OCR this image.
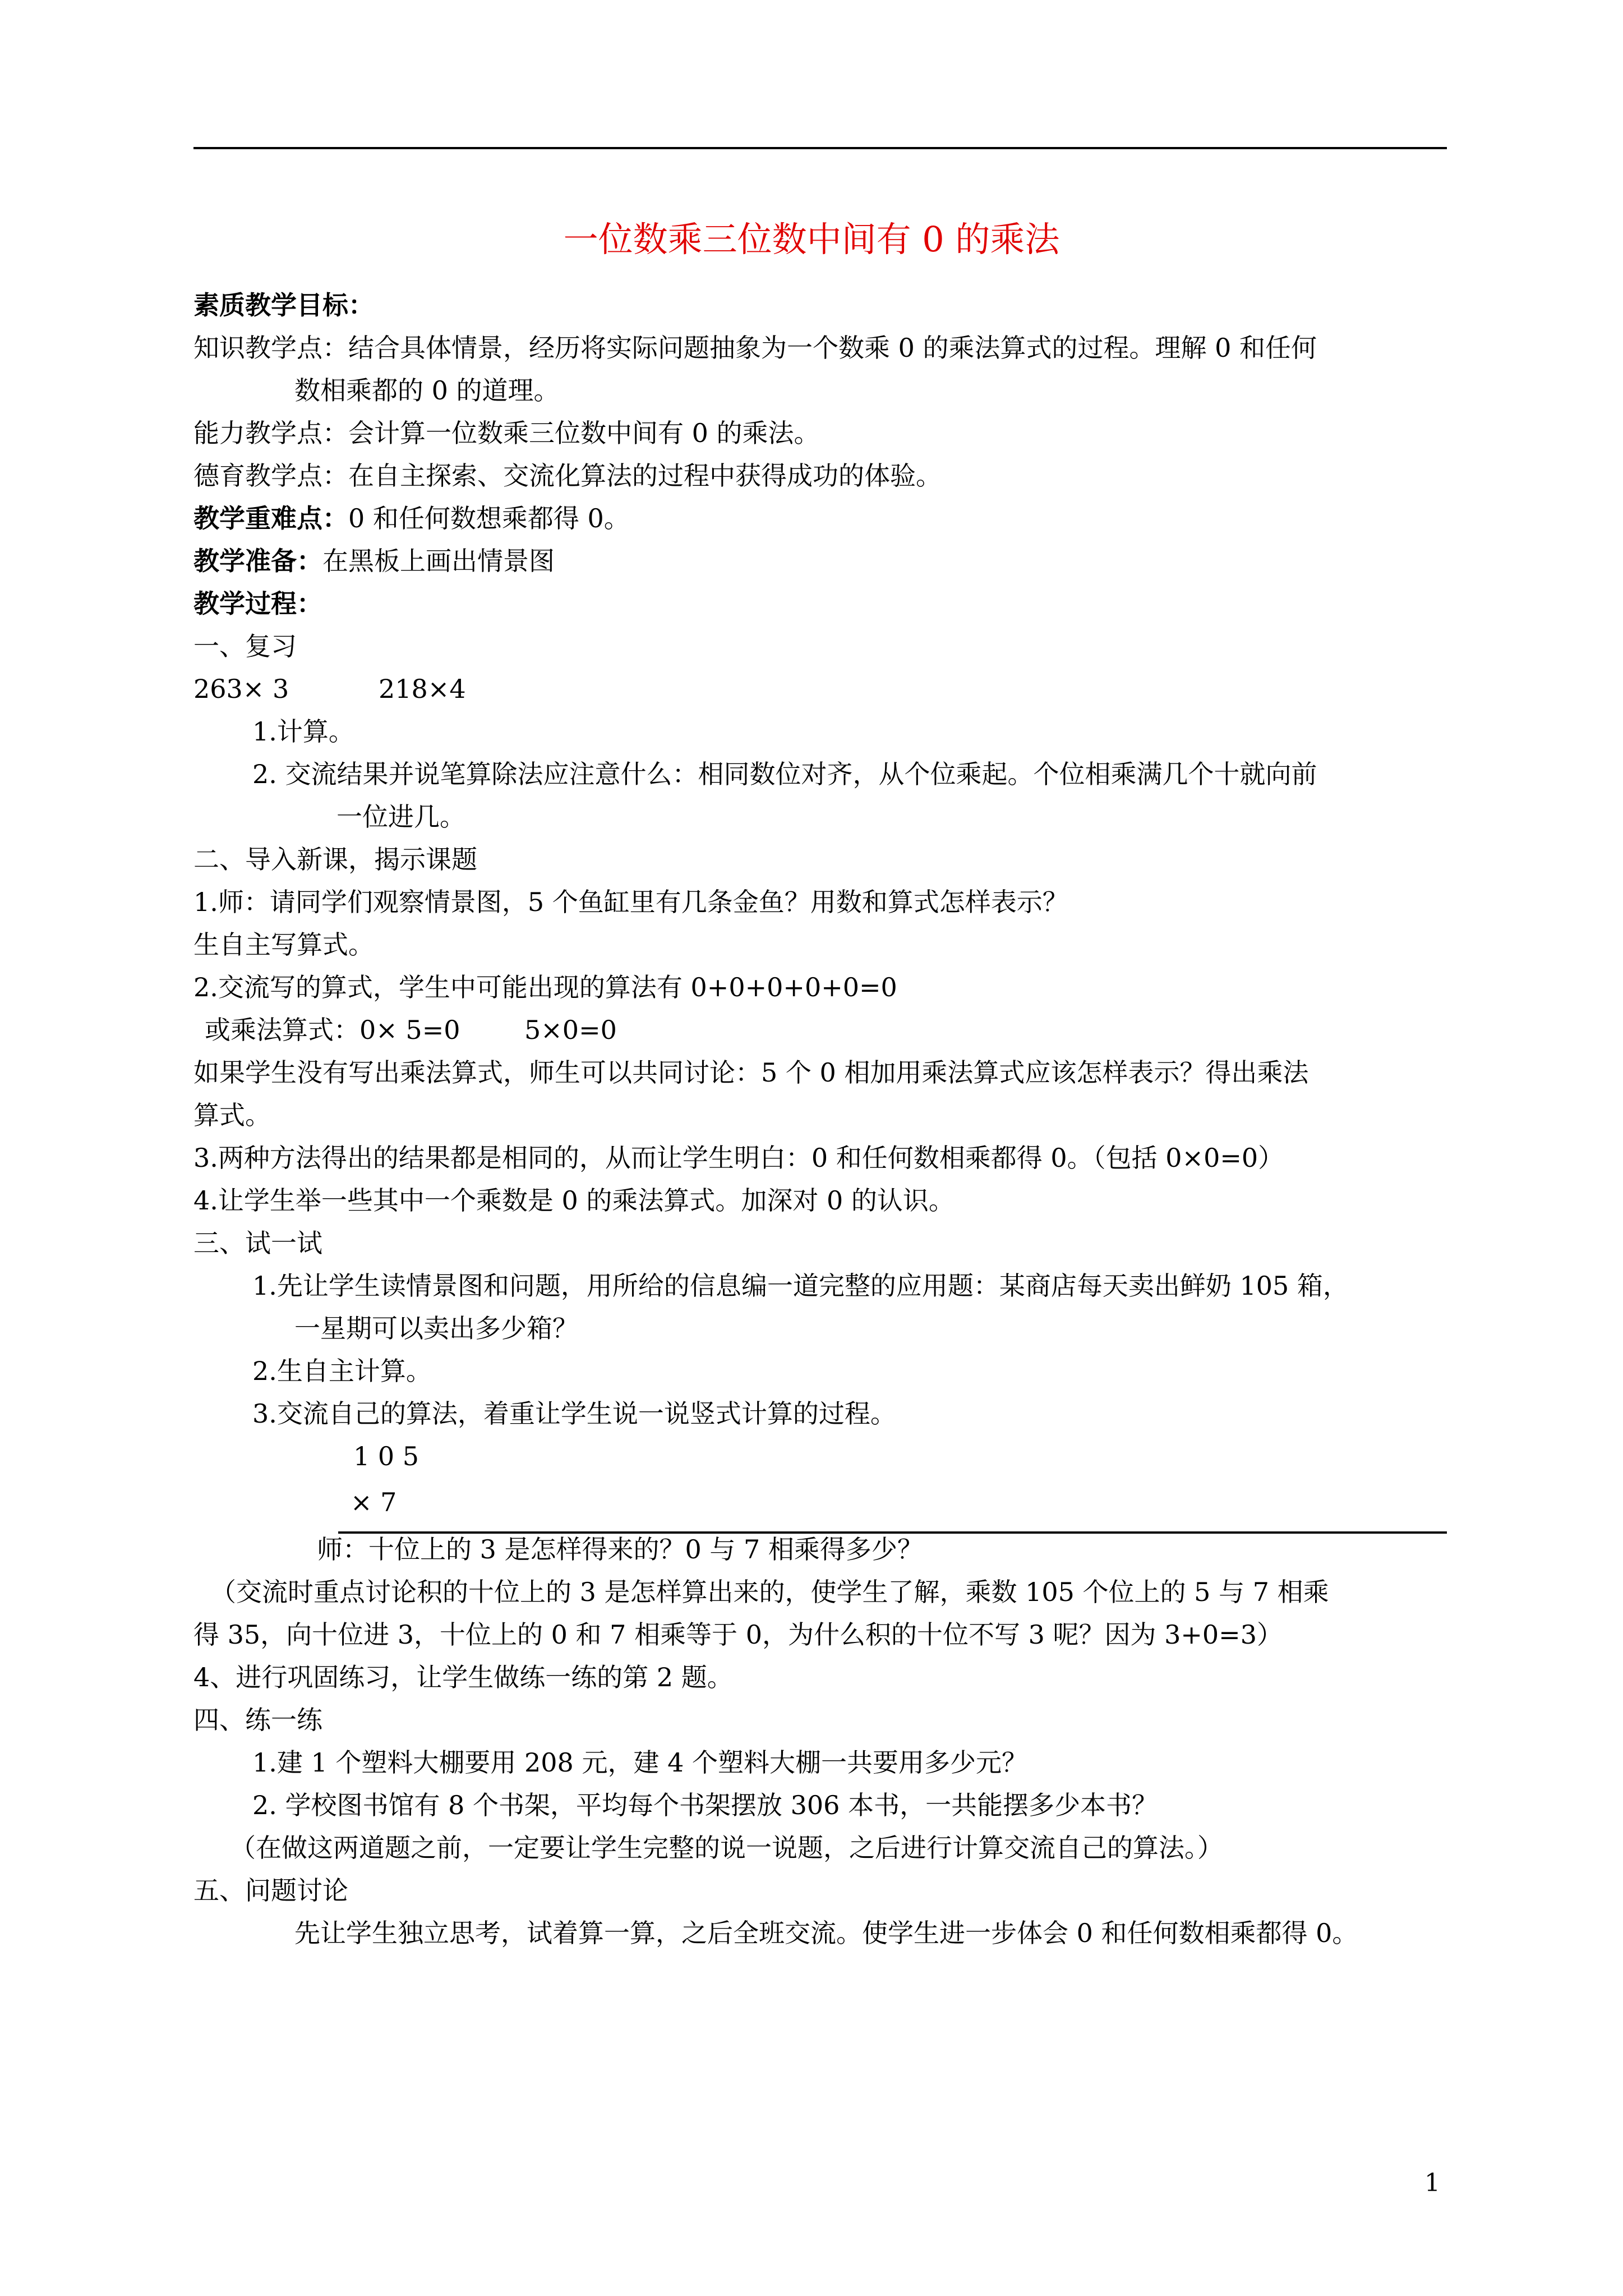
一位数乘三位数中间有 0 的乘法
素质教学目标：
知识教学点：结合具体情景，经历将实际问题抽象为一个数乘 0 的乘法算式的过程。理解 0 和任何
数相乘都的 0 的道理。
能力教学点：会计算一位数乘三位数中间有 0 的乘法。
德育教学点：在自主探索、交流化算法的过程中获得成功的体验。
教学重难点：0 和任何数想乘都得 0。
教学准备：在黑板上画出情景图
教学过程：
一、复习
263× 3	218×4
1.计算。
2. 交流结果并说笔算除法应注意什么：相同数位对齐，从个位乘起。个位相乘满几个十就向前
一位进几。
二、导入新课，揭示课题
1.师：请同学们观察情景图，5 个鱼缸里有几条金鱼？用数和算式怎样表示？
生自主写算式。
2.交流写的算式，学生中可能出现的算法有 0+0+0+0+0=0
或乘法算式：0× 5=0 5×0=0
如果学生没有写出乘法算式，师生可以共同讨论：5 个 0 相加用乘法算式应该怎样表示？得出乘法
算式。
3.两种方法得出的结果都是相同的，从而让学生明白：0 和任何数相乘都得 0。（包括 0×0=0）
4.让学生举一些其中一个乘数是 0 的乘法算式。加深对 0 的认识。
三、试一试
1.先让学生读情景图和问题，用所给的信息编一道完整的应用题：某商店每天卖出鲜奶 105 箱，
一星期可以卖出多少箱？
2.生自主计算。
3.交流自己的算法，着重让学生说一说竖式计算的过程。
1 0 5
× 7
师：十位上的 3 是怎样得来的？0 与 7 相乘得多少？
（交流时重点讨论积的十位上的 3 是怎样算出来的，使学生了解，乘数 105 个位上的 5 与 7 相乘
得 35，向十位进 3，十位上的 0 和 7 相乘等于 0，为什么积的十位不写 3 呢？因为 3+0=3）
4、进行巩固练习，让学生做练一练的第 2 题。
四、练一练
1.建 1 个塑料大棚要用 208 元，建 4 个塑料大棚一共要用多少元？
2. 学校图书馆有 8 个书架，平均每个书架摆放 306 本书，一共能摆多少本书？
（在做这两道题之前，一定要让学生完整的说一说题，之后进行计算交流自己的算法。）
五、问题讨论
先让学生独立思考，试着算一算，之后全班交流。使学生进一步体会 0 和任何数相乘都得 0。
1
